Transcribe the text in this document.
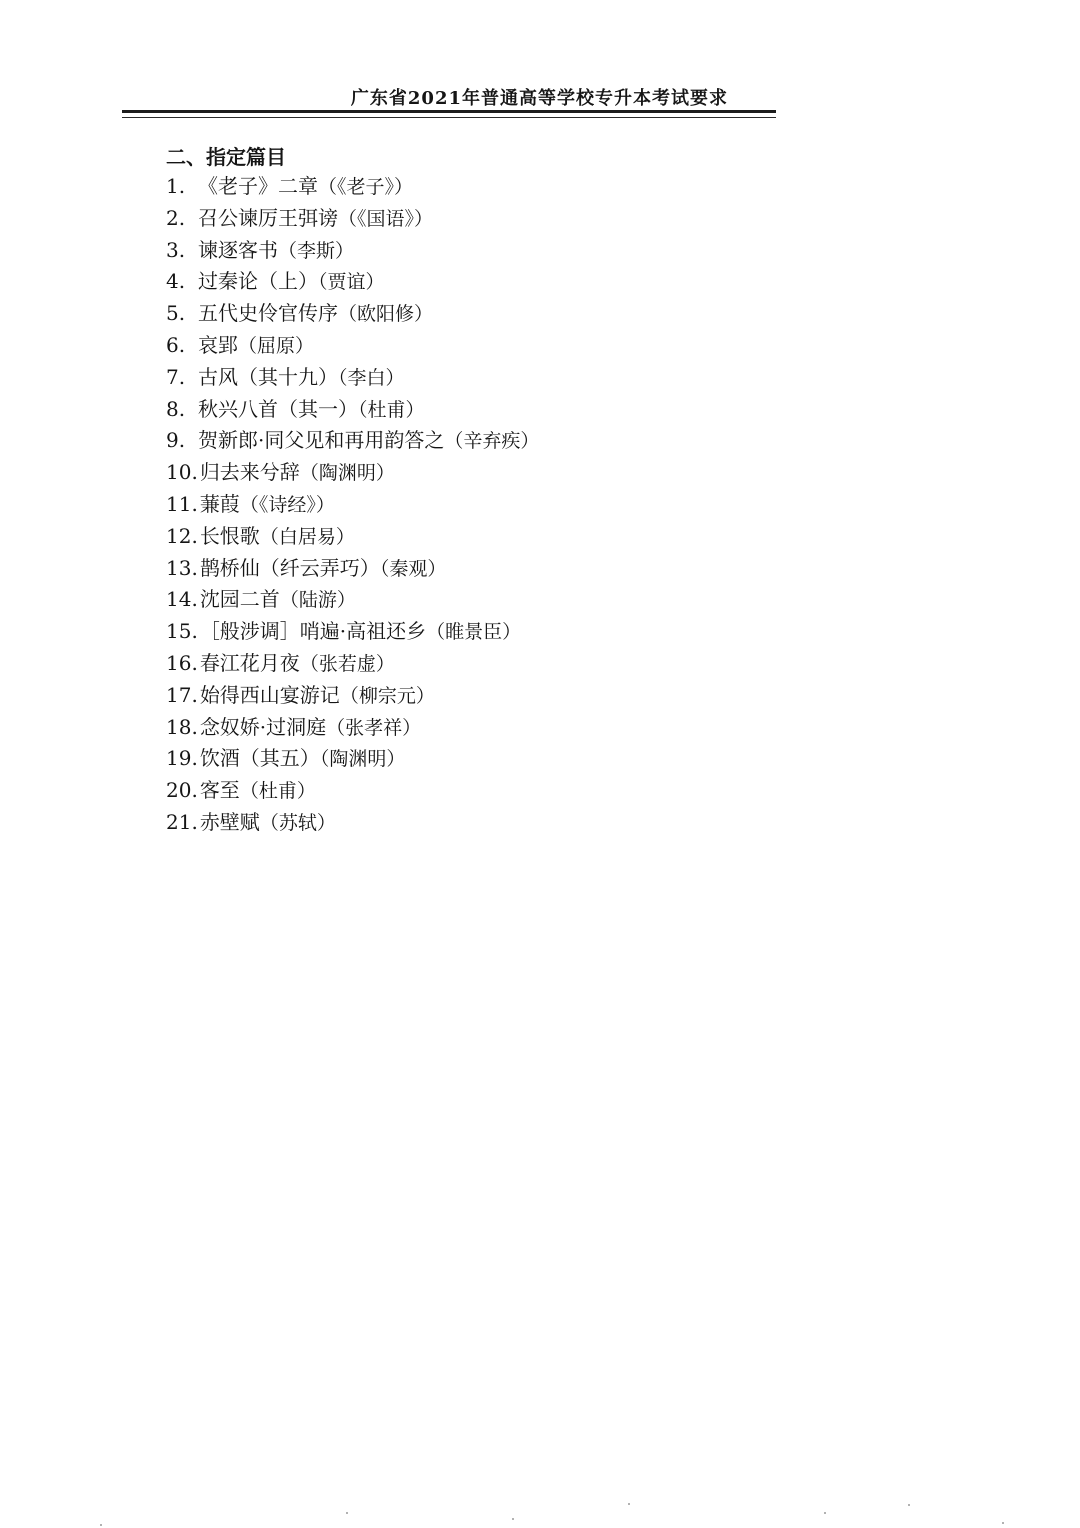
广东省2021年普通高等学校专升本考试要求
二、指定篇目
1. 《老子》二章（《老子》）
2. 召公谏厉王弭谤（《国语》）
3. 谏逐客书（李斯）
4. 过秦论（上）（贾谊）
5. 五代史伶官传序（欧阳修）
6. 哀郢（屈原）
7. 古风（其十九）（李白）
8. 秋兴八首（其一）（杜甫）
9. 贺新郎·同父见和再用韵答之（辛弃疾）
10. 归去来兮辞（陶渊明）
11. 蒹葭（《诗经》）
12. 长恨歌（白居易）
13. 鹊桥仙（纤云弄巧）（秦观）
14. 沈园二首（陆游）
15. ［般涉调］哨遍·高祖还乡（睢景臣）
16. 春江花月夜（张若虚）
17. 始得西山宴游记（柳宗元）
18. 念奴娇·过洞庭（张孝祥）
19. 饮酒（其五）（陶渊明）
20. 客至（杜甫）
21. 赤壁赋（苏轼）
